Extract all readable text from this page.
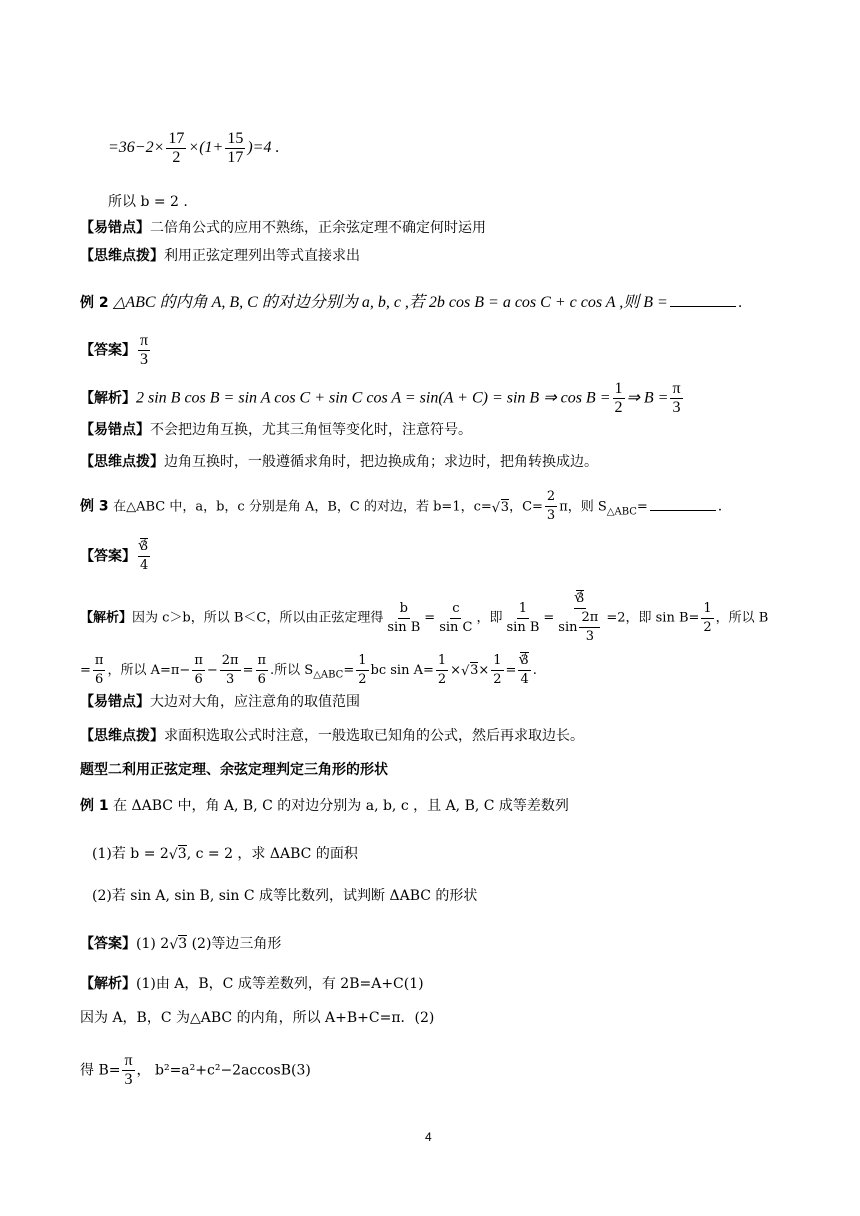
$=36-2\times \frac{17}{2} \times(1+ \frac{15}{17} )=4$ .
所以 b = 2 .
【易错点】二倍角公式的应用不熟练，正余弦定理不确定何时运用
【思维点拨】利用正弦定理列出等式直接求出
例 2 △ABC 的内角 A, B, C 的对边分别为 a, b, c ,若 2b cos B = a cos C + c cos A ,则 B =	.
【答案】 $\frac{\pi}{3}$
【解析】2 sin B cos B = sin A cos C + sin C cos A = sin(A + C) = sin B ⇒ $\cos B = \frac{1}{2}$ ⇒ $B = \frac{\pi}{3}$
【易错点】不会把边角互换，尤其三角恒等变化时，注意符号。
【思维点拨】边角互换时，一般遵循求角时，把边换成角；求边时，把角转换成边。
例 3 在△ABC 中，a，b，c 分别是角 A，B，C 的对边，若 b=1，c= √ 3，$C= \frac{2}{3}$ π，则 $S_{\triangle ABC}=$	.
【答案】 √ $\frac{3}{4}$
【解析】因为 c＞b，所以 B＜C，所以由正弦定理得 $\frac{b}{\text{sin B}} = \frac{c}{\text{sin C}}$ ，即 $\frac{1}{\text{sin B}}$ = √ $\frac{3}{\sin \frac{2\pi}{3}} =2$，即 $\sin B= \frac{1}{2}$ ，所以 B
= $\frac{\pi}{6}$ ，所以 $A=\pi- \frac{\pi}{6} - \frac{2\pi}{3} = \frac{\pi}{6}$ .所以 $S_{\triangle ABC}= \frac{1}{2}$ bc $\sin A= \frac{1}{2}$ × √ $3\times \frac{1}{2}$ = √ $\frac{3}{4}$ .
【易错点】大边对大角，应注意角的取值范围
【思维点拨】求面积选取公式时注意，一般选取已知角的公式，然后再求取边长。
题型二利用正弦定理、余弦定理判定三角形的形状
例 1 在 ΔABC 中，角 A, B, C 的对边分别为 a, b, c ，且 A, B, C 成等差数列
(1)若 b = 2 √ 3, c = 2 ，求 ΔABC 的面积
(2)若 sin A, sin B, sin C 成等比数列，试判断 ΔABC 的形状
【答案】(1) 2 √ 3 (2)等边三角形
【解析】(1)由 A，B，C 成等差数列，有 2B=A+C(1)
因为 A，B，C 为△ABC 的内角，所以 A+B+C=π．(2)
得 $B= \frac{\pi}{3}$ ， b²=a²+c²−2accosB(3)
4
